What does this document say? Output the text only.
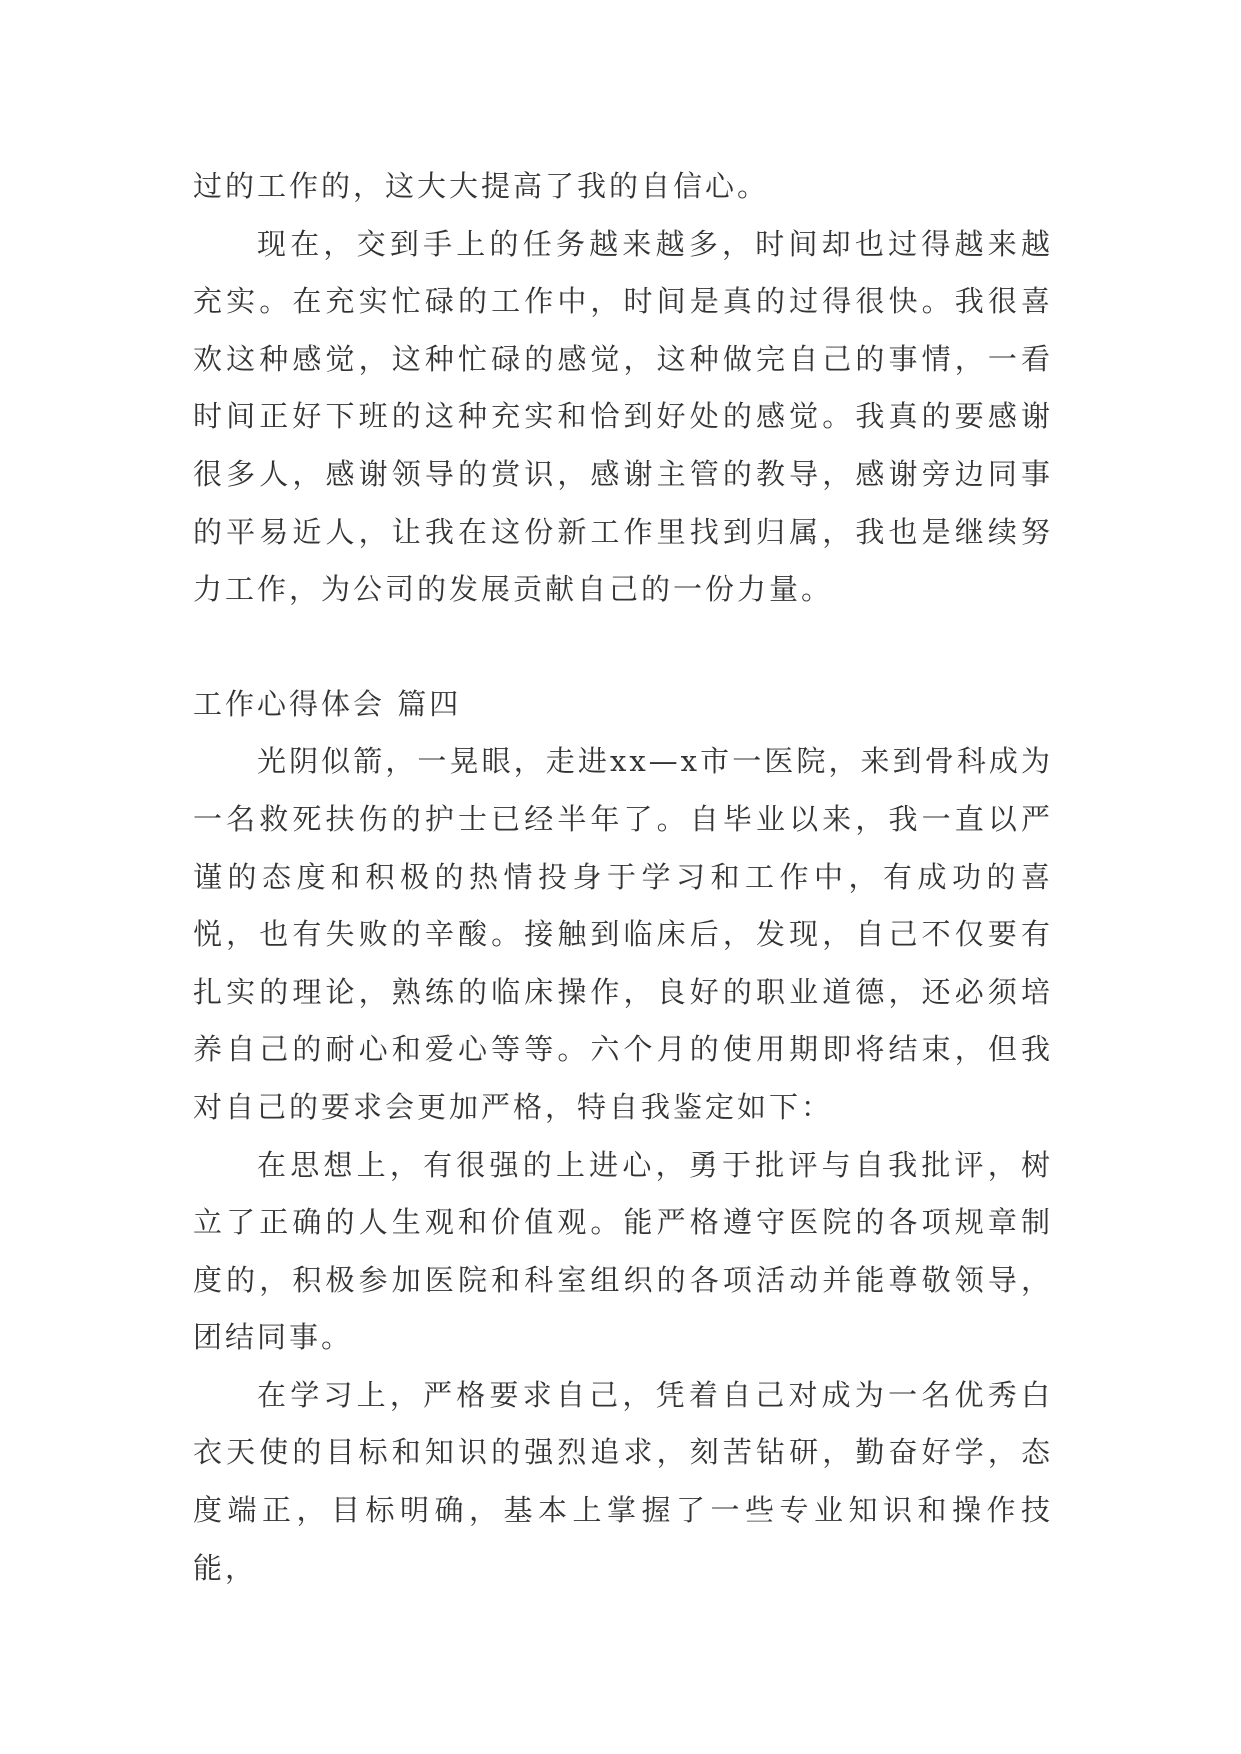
过的工作的，这大大提高了我的自信心。

现在，交到手上的任务越来越多，时间却也过得越来越充实。在充实忙碌的工作中，时间是真的过得很快。我很喜欢这种感觉，这种忙碌的感觉，这种做完自己的事情，一看时间正好下班的这种充实和恰到好处的感觉。我真的要感谢很多人，感谢领导的赏识，感谢主管的教导，感谢旁边同事的平易近人，让我在这份新工作里找到归属，我也是继续努力工作，为公司的发展贡献自己的一份力量。

工作心得体会 篇四

光阴似箭，一晃眼，走进xx—x市一医院，来到骨科成为一名救死扶伤的护士已经半年了。自毕业以来，我一直以严谨的态度和积极的热情投身于学习和工作中，有成功的喜悦，也有失败的辛酸。接触到临床后，发现，自己不仅要有扎实的理论，熟练的临床操作，良好的职业道德，还必须培养自己的耐心和爱心等等。六个月的使用期即将结束，但我对自己的要求会更加严格，特自我鉴定如下：

在思想上，有很强的上进心，勇于批评与自我批评，树立了正确的人生观和价值观。能严格遵守医院的各项规章制度的，积极参加医院和科室组织的各项活动并能尊敬领导，团结同事。

在学习上，严格要求自己，凭着自己对成为一名优秀白衣天使的目标和知识的强烈追求，刻苦钻研，勤奋好学，态度端正，目标明确，基本上掌握了一些专业知识和操作技能，
